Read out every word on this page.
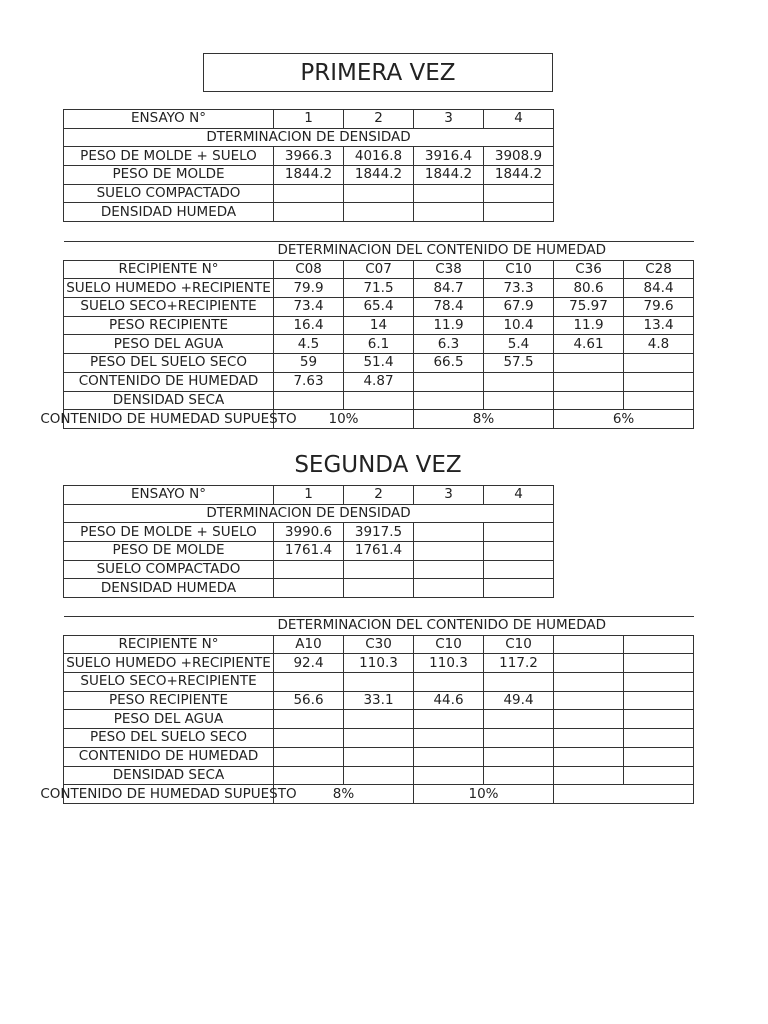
PRIMERA VEZ
ENSAYO N°	1	2	3	4
DTERMINACION DE DENSIDAD				
PESO DE MOLDE + SUELO	3966.3	4016.8	3916.4	3908.9
PESO DE MOLDE	1844.2	1844.2	1844.2	1844.2
SUELO COMPACTADO				
DENSIDAD HUMEDA				
	DETERMINACION DEL CONTENIDO DE HUMEDAD					
RECIPIENTE N°	C08	C07	C38	C10	C36	C28
SUELO HUMEDO +RECIPIENTE	79.9	71.5	84.7	73.3	80.6	84.4
SUELO SECO+RECIPIENTE	73.4	65.4	78.4	67.9	75.97	79.6
PESO RECIPIENTE	16.4	14	11.9	10.4	11.9	13.4
PESO DEL AGUA	4.5	6.1	6.3	5.4	4.61	4.8
PESO DEL SUELO SECO	59	51.4	66.5	57.5		
CONTENIDO DE HUMEDAD	7.63	4.87				
DENSIDAD SECA						

CONTENIDO DE HUMEDAD SUPUESTO	10%		8%		6%	
SEGUNDA VEZ
ENSAYO N°	1	2	3	4
DTERMINACION DE DENSIDAD				
PESO DE MOLDE + SUELO	3990.6	3917.5		
PESO DE MOLDE	1761.4	1761.4		
SUELO COMPACTADO				
DENSIDAD HUMEDA				
	DETERMINACION DEL CONTENIDO DE HUMEDAD					
RECIPIENTE N°	A10	C30	C10	C10		
SUELO HUMEDO +RECIPIENTE	92.4	110.3	110.3	117.2		
SUELO SECO+RECIPIENTE						
PESO RECIPIENTE	56.6	33.1	44.6	49.4		
PESO DEL AGUA						
PESO DEL SUELO SECO						
CONTENIDO DE HUMEDAD						
DENSIDAD SECA						

CONTENIDO DE HUMEDAD SUPUESTO	8%		10%			
